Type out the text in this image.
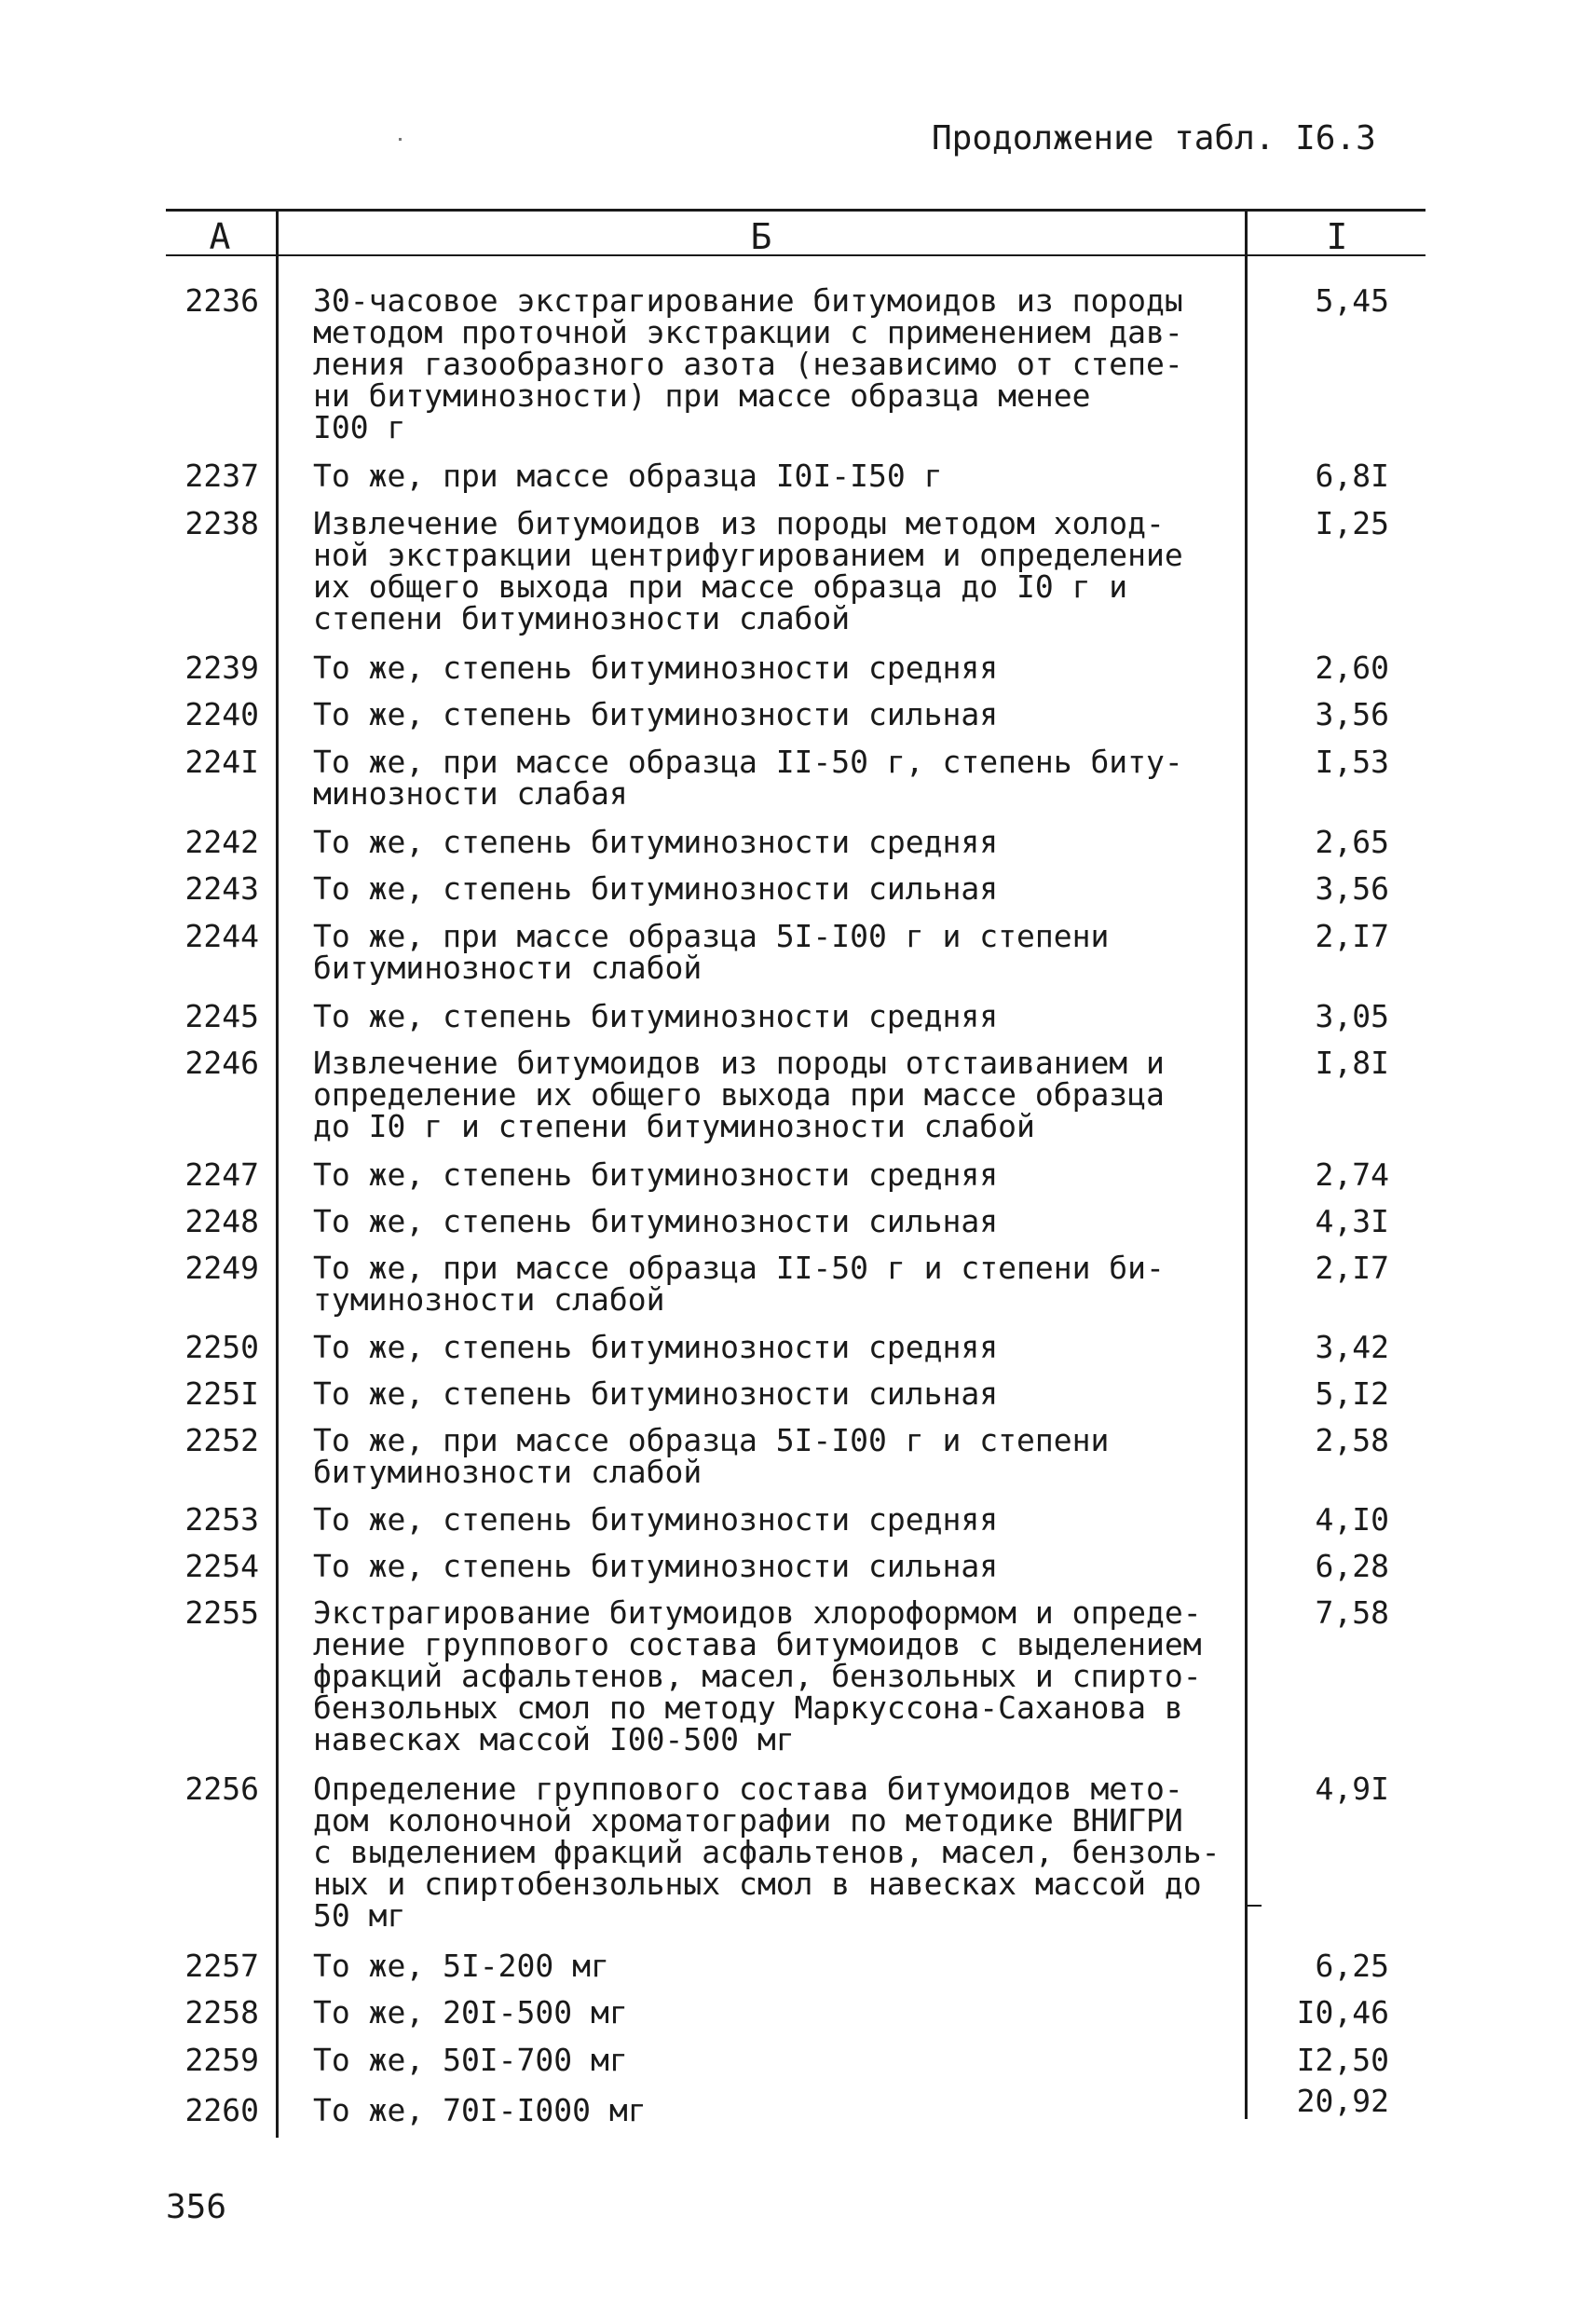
Продолжение табл. I6.3
А	Б	I
2236 30-часовое экстрагирование битумоидов из породы
методом проточной экстракции с применением дав-
ления газообразного азота (независимо от степе-
ни битуминозности) при массе образца менее
I00 г
5,45
2237 То же, при массе образца I0I-I50 г	6,8I
2238 Извлечение битумоидов из породы методом холод-
ной экстракции центрифугированием и определение
их общего выхода при массе образца до I0 г и
степени битуминозности слабой
I,25
2239 То же, степень битуминозности средняя	2,60
2240 То же, степень битуминозности сильная	3,56
224I То же, при массе образца II-50 г, степень биту-
минозности слабая
I,53
2242 То же, степень битуминозности средняя	2,65
2243 То же, степень битуминозности сильная	3,56
2244 То же, при массе образца 5I-I00 г и степени
битуминозности слабой
2,I7
2245 То же, степень битуминозности средняя	3,05
2246 Извлечение битумоидов из породы отстаиванием и
определение их общего выхода при массе образца
до I0 г и степени битуминозности слабой
I,8I
2247 То же, степень битуминозности средняя	2,74
2248 То же, степень битуминозности сильная	4,3I
2249 То же, при массе образца II-50 г и степени би-
туминозности слабой
2,I7
2250 То же, степень битуминозности средняя	3,42
225I То же, степень битуминозности сильная	5,I2
2252 То же, при массе образца 5I-I00 г и степени
битуминозности слабой
2,58
2253 То же, степень битуминозности средняя	4,I0
2254 То же, степень битуминозности сильная	6,28
2255 Экстрагирование битумоидов хлороформом и опреде-
ление группового состава битумоидов с выделением
фракций асфальтенов, масел, бензольных и спирто-
бензольных смол по методу Маркуссона-Саханова в
навесках массой I00-500 мг
7,58
2256 Определение группового состава битумоидов мето-
дом колоночной хроматографии по методике ВНИГРИ
с выделением фракций асфальтенов, масел, бензоль-
ных и спиртобензольных смол в навесках массой до
50 мг
4,9I
2257 То же, 5I-200 мг	6,25
2258 То же, 20I-500 мг	I0,46
2259 То же, 50I-700 мг	I2,50
2260 То же, 70I-I000 мг	20,92
356
